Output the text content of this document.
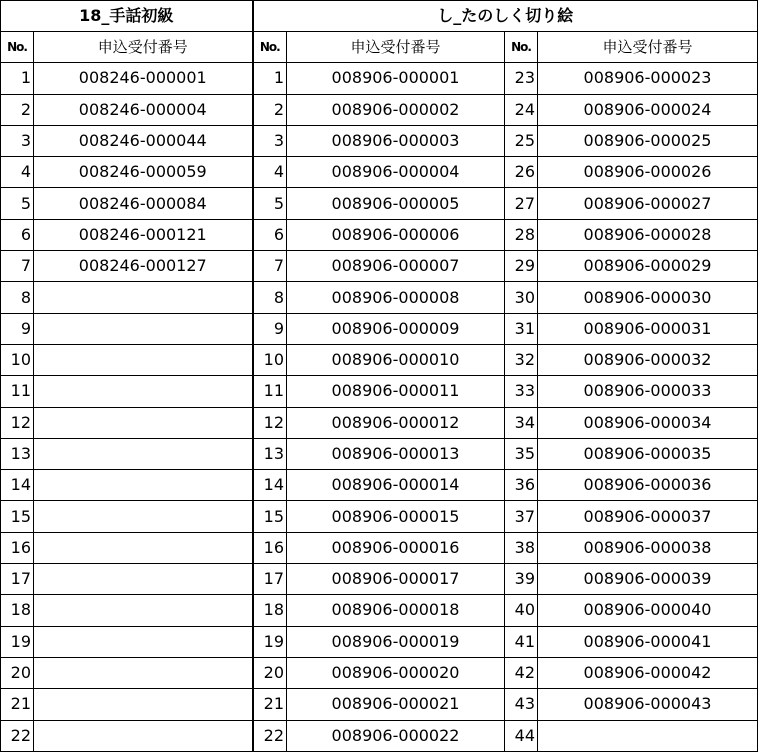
18_手話初級		し_たのしく切り絵			
No.	申込受付番号	No.	申込受付番号	No.	申込受付番号
1	008246-000001	1	008906-000001	23	008906-000023
2	008246-000004	2	008906-000002	24	008906-000024
3	008246-000044	3	008906-000003	25	008906-000025
4	008246-000059	4	008906-000004	26	008906-000026
5	008246-000084	5	008906-000005	27	008906-000027
6	008246-000121	6	008906-000006	28	008906-000028
7	008246-000127	7	008906-000007	29	008906-000029
8		8	008906-000008	30	008906-000030
9		9	008906-000009	31	008906-000031
10		10	008906-000010	32	008906-000032
11		11	008906-000011	33	008906-000033
12		12	008906-000012	34	008906-000034
13		13	008906-000013	35	008906-000035
14		14	008906-000014	36	008906-000036
15		15	008906-000015	37	008906-000037
16		16	008906-000016	38	008906-000038
17		17	008906-000017	39	008906-000039
18		18	008906-000018	40	008906-000040
19		19	008906-000019	41	008906-000041
20		20	008906-000020	42	008906-000042
21		21	008906-000021	43	008906-000043
22		22	008906-000022	44	
